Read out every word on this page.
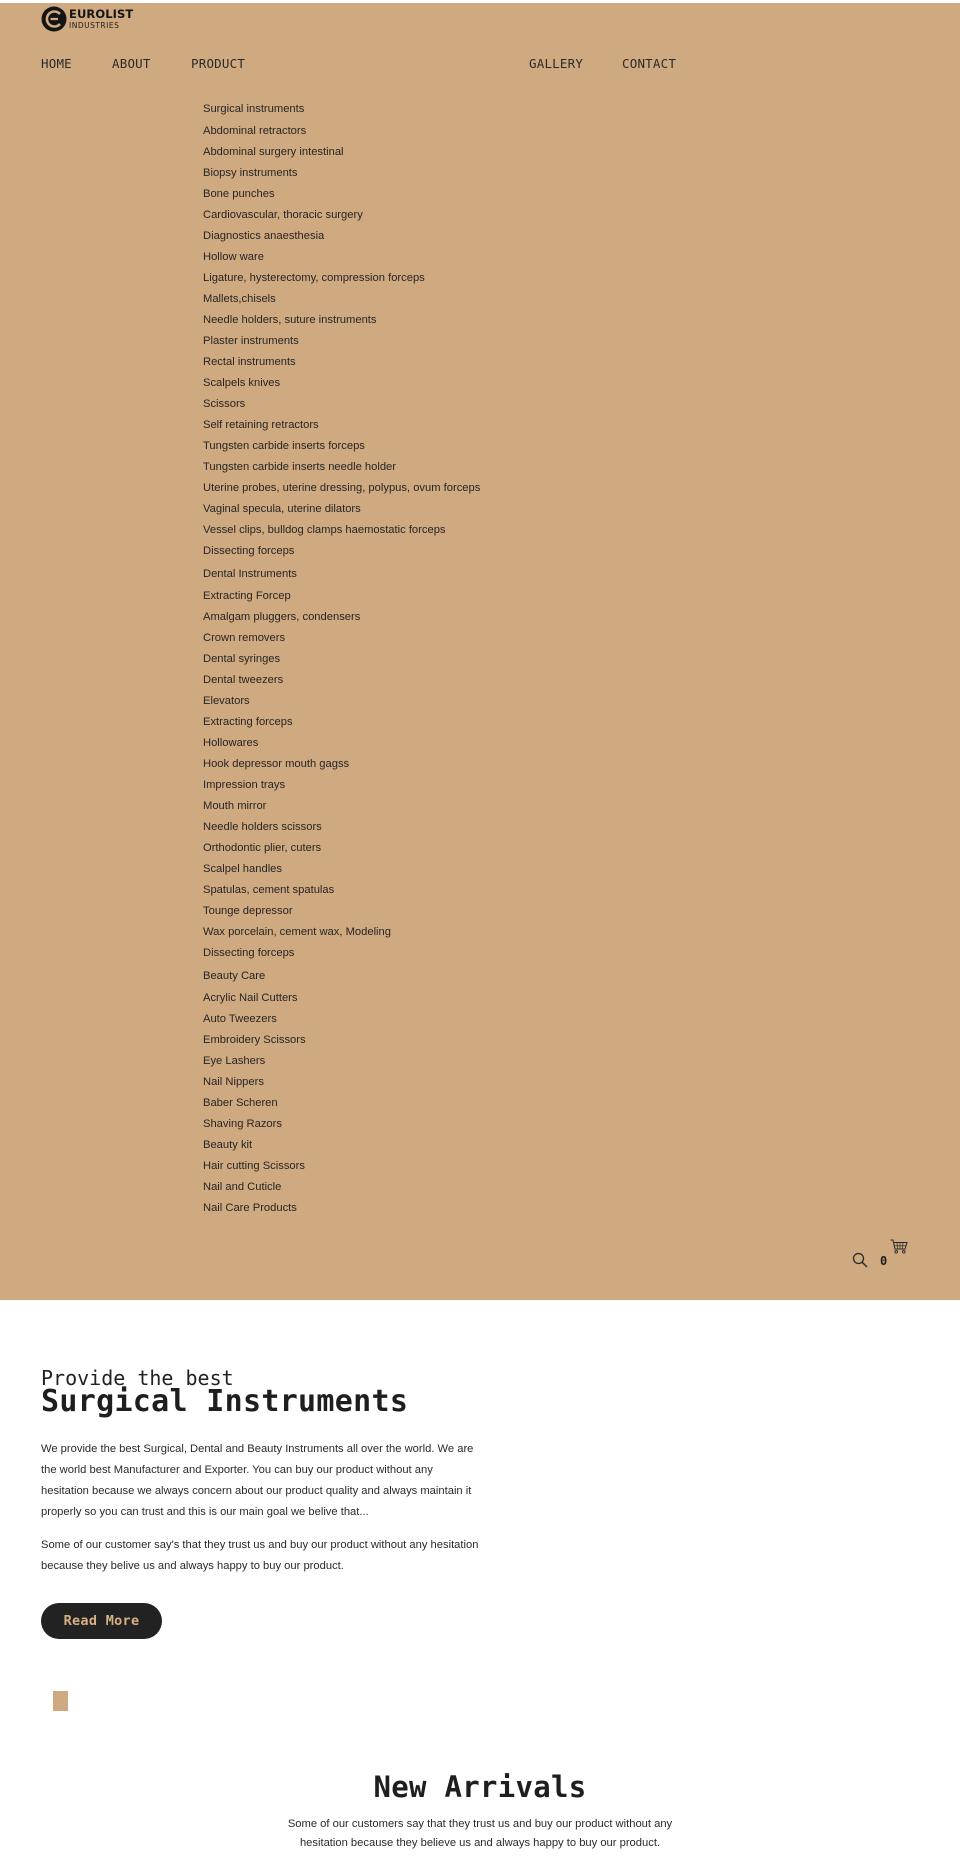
EUROLIST
INDUSTRIES
HOME	ABOUT	PRODUCT	GALLERY	CONTACT
Surgical instruments
Abdominal retractors
Abdominal surgery intestinal
Biopsy instruments
Bone punches
Cardiovascular, thoracic surgery
Diagnostics anaesthesia
Hollow ware
Ligature, hysterectomy, compression forceps
Mallets,chisels
Needle holders, suture instruments
Plaster instruments
Rectal instruments
Scalpels knives
Scissors
Self retaining retractors
Tungsten carbide inserts forceps
Tungsten carbide inserts needle holder
Uterine probes, uterine dressing, polypus, ovum forceps
Vaginal specula, uterine dilators
Vessel clips, bulldog clamps haemostatic forceps
Dissecting forceps
Dental Instruments
Extracting Forcep
Amalgam pluggers, condensers
Crown removers
Dental syringes
Dental tweezers
Elevators
Extracting forceps
Hollowares
Hook depressor mouth gagss
Impression trays
Mouth mirror
Needle holders scissors
Orthodontic plier, cuters
Scalpel handles
Spatulas, cement spatulas
Tounge depressor
Wax porcelain, cement wax, Modeling
Dissecting forceps
Beauty Care
Acrylic Nail Cutters
Auto Tweezers
Embroidery Scissors
Eye Lashers
Nail Nippers
Baber Scheren
Shaving Razors
Beauty kit
Hair cutting Scissors
Nail and Cuticle
Nail Care Products
0
Provide the best
Surgical Instruments

We provide the best Surgical, Dental and Beauty Instruments all over the world. We are the world best Manufacturer and Exporter. You can buy our product without any hesitation because we always concern about our product quality and always maintain it properly so you can trust and this is our main goal we belive that...

Some of our customer say's that they trust us and buy our product without any hesitation because they belive us and always happy to buy our product.

Read More
New Arrivals

Some of our customers say that they trust us and buy our product without any hesitation because they believe us and always happy to buy our product.
